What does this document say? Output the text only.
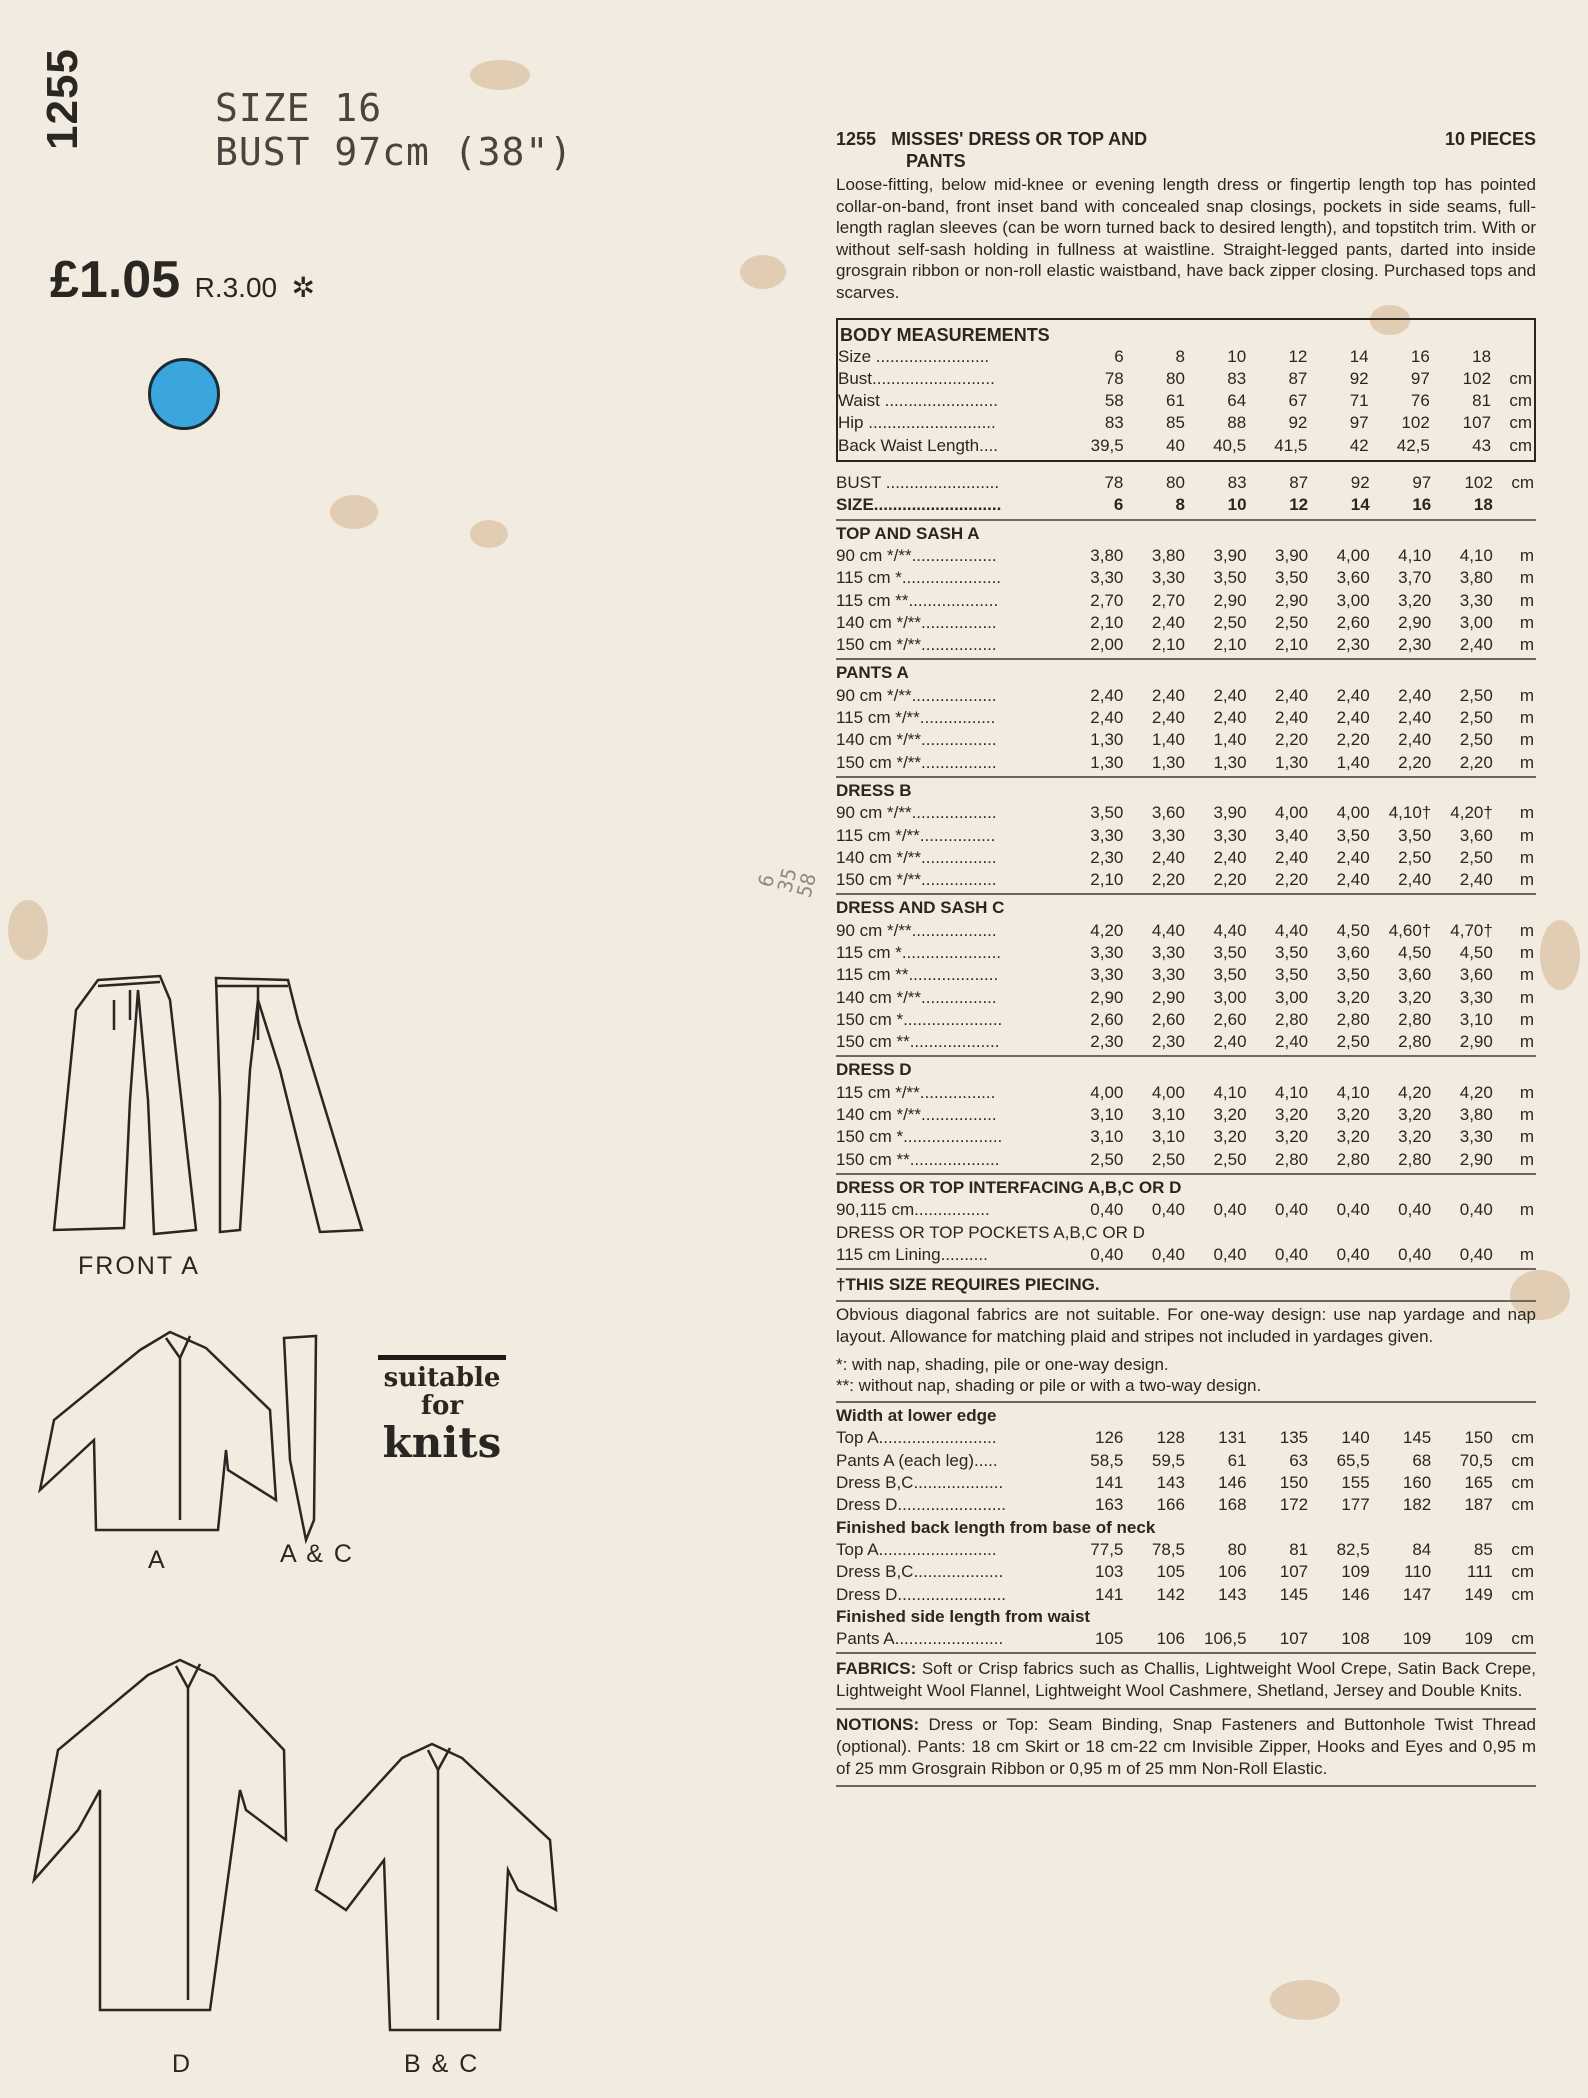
1255	SIZE 16
BUST 97cm (38")
£1.05 R.3.00 ✲
FRONT A
A	A & C
D	B & C
suitable
for
knits
6
35
58
1255 MISSES' DRESS OR TOP AND	10 PIECES
PANTS
Loose-fitting, below mid-knee or evening length dress or fingertip length top has pointed collar-on-band, front inset band with concealed snap closings, pockets in side seams, full-length raglan sleeves (can be worn turned back to desired length), and topstitch trim. With or without self-sash holding in fullness at waistline. Straight-legged pants, darted into inside grosgrain ribbon or non-roll elastic waistband, have back zipper closing. Purchased tops and scarves.
BODY MEASUREMENTS
Size ........................	6	8	10	12	14	16	18	
Bust..........................	78	80	83	87	92	97	102	cm
Waist ........................	58	61	64	67	71	76	81	cm
Hip ...........................	83	85	88	92	97	102	107	cm
Back Waist Length....	39,5	40	40,5	41,5	42	42,5	43	cm
BUST ........................	78	80	83	87	92	97	102	cm
SIZE...........................	6	8	10	12	14	16	18	
TOP AND SASH A								
90 cm */**..................	3,80	3,80	3,90	3,90	4,00	4,10	4,10	m
115 cm *.....................	3,30	3,30	3,50	3,50	3,60	3,70	3,80	m
115 cm **...................	2,70	2,70	2,90	2,90	3,00	3,20	3,30	m
140 cm */**................	2,10	2,40	2,50	2,50	2,60	2,90	3,00	m
150 cm */**................	2,00	2,10	2,10	2,10	2,30	2,30	2,40	m
PANTS A								
90 cm */**..................	2,40	2,40	2,40	2,40	2,40	2,40	2,50	m
115 cm */**................	2,40	2,40	2,40	2,40	2,40	2,40	2,50	m
140 cm */**................	1,30	1,40	1,40	2,20	2,20	2,40	2,50	m
150 cm */**................	1,30	1,30	1,30	1,30	1,40	2,20	2,20	m
DRESS B								
90 cm */**..................	3,50	3,60	3,90	4,00	4,00	4,10†	4,20†	m
115 cm */**................	3,30	3,30	3,30	3,40	3,50	3,50	3,60	m
140 cm */**................	2,30	2,40	2,40	2,40	2,40	2,50	2,50	m
150 cm */**................	2,10	2,20	2,20	2,20	2,40	2,40	2,40	m
DRESS AND SASH C								
90 cm */**..................	4,20	4,40	4,40	4,40	4,50	4,60†	4,70†	m
115 cm *.....................	3,30	3,30	3,50	3,50	3,60	4,50	4,50	m
115 cm **...................	3,30	3,30	3,50	3,50	3,50	3,60	3,60	m
140 cm */**................	2,90	2,90	3,00	3,00	3,20	3,20	3,30	m
150 cm *.....................	2,60	2,60	2,60	2,80	2,80	2,80	3,10	m
150 cm **...................	2,30	2,30	2,40	2,40	2,50	2,80	2,90	m
DRESS D								
115 cm */**................	4,00	4,00	4,10	4,10	4,10	4,20	4,20	m
140 cm */**................	3,10	3,10	3,20	3,20	3,20	3,20	3,80	m
150 cm *.....................	3,10	3,10	3,20	3,20	3,20	3,20	3,30	m
150 cm **...................	2,50	2,50	2,50	2,80	2,80	2,80	2,90	m
DRESS OR TOP INTERFACING A,B,C OR D
90,115 cm................	0,40	0,40	0,40	0,40	0,40	0,40	0,40	m
DRESS OR TOP POCKETS A,B,C OR D
115 cm Lining..........	0,40	0,40	0,40	0,40	0,40	0,40	0,40	m

†THIS SIZE REQUIRES PIECING.

Obvious diagonal fabrics are not suitable. For one-way design: use nap yardage and nap layout. Allowance for matching plaid and stripes not included in yardages given.

*: with nap, shading, pile or one-way design.
**: without nap, shading or pile or with a two-way design.
Width at lower edge								
Top A.........................	126	128	131	135	140	145	150	cm
Pants A (each leg).....	58,5	59,5	61	63	65,5	68	70,5	cm
Dress B,C...................	141	143	146	150	155	160	165	cm
Dress D.......................	163	166	168	172	177	182	187	cm
Finished back length from base of neck								
Top A.........................	77,5	78,5	80	81	82,5	84	85	cm
Dress B,C...................	103	105	106	107	109	110	111	cm
Dress D.......................	141	142	143	145	146	147	149	cm
Finished side length from waist
Pants A.......................	105	106	106,5	107	108	109	109	cm

FABRICS: Soft or Crisp fabrics such as Challis, Lightweight Wool Crepe, Satin Back Crepe, Lightweight Wool Flannel, Lightweight Wool Cashmere, Shetland, Jersey and Double Knits.

NOTIONS: Dress or Top: Seam Binding, Snap Fasteners and Buttonhole Twist Thread (optional). Pants: 18 cm Skirt or 18 cm-22 cm Invisible Zipper, Hooks and Eyes and 0,95 m of 25 mm Grosgrain Ribbon or 0,95 m of 25 mm Non-Roll Elastic.
